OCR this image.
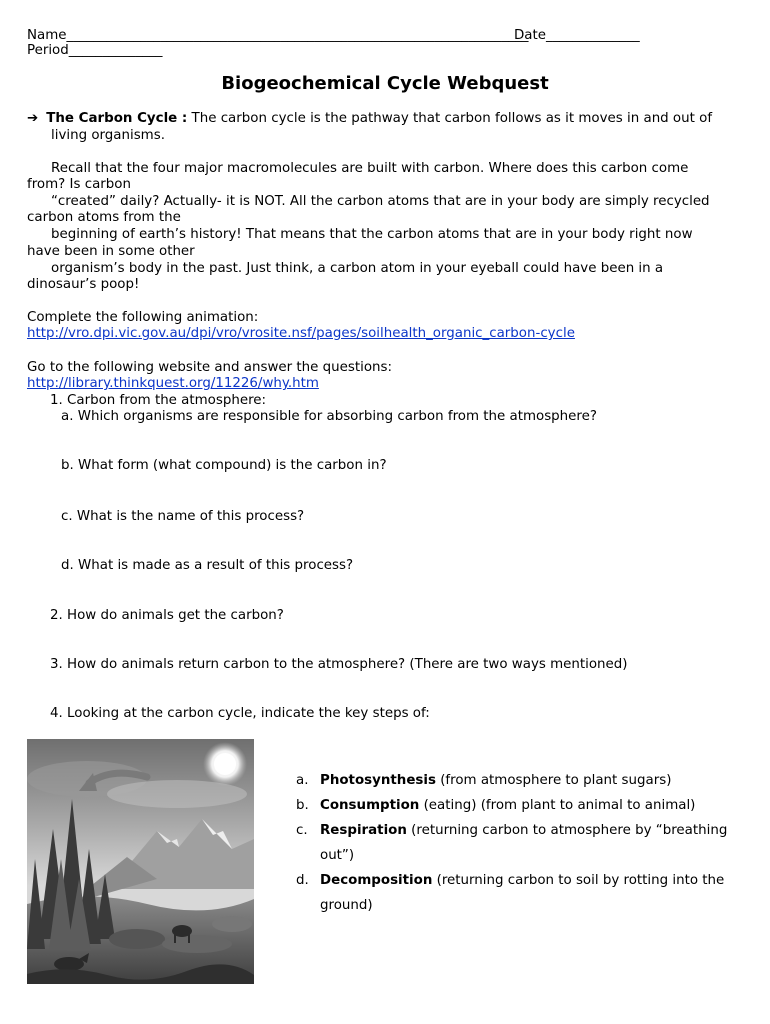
Name_____________________________________________________________________
Date______________
Period______________
Biogeochemical Cycle Webquest
➔ The Carbon Cycle : The carbon cycle is the pathway that carbon follows as it moves in and out of
living organisms.
Recall that the four major macromolecules are built with carbon. Where does this carbon come
from? Is carbon
“created” daily? Actually- it is NOT. All the carbon atoms that are in your body are simply recycled
carbon atoms from the
beginning of earth’s history! That means that the carbon atoms that are in your body right now
have been in some other
organism’s body in the past. Just think, a carbon atom in your eyeball could have been in a
dinosaur’s poop!
Complete the following animation:
http://vro.dpi.vic.gov.au/dpi/vro/vrosite.nsf/pages/soilhealth_organic_carbon-cycle
Go to the following website and answer the questions:
http://library.thinkquest.org/11226/why.htm
1. Carbon from the atmosphere:
a. Which organisms are responsible for absorbing carbon from the atmosphere?
b. What form (what compound) is the carbon in?
c. What is the name of this process?
d. What is made as a result of this process?
2. How do animals get the carbon?
3. How do animals return carbon to the atmosphere? (There are two ways mentioned)
4. Looking at the carbon cycle, indicate the key steps of:
a. Photosynthesis (from atmosphere to plant sugars)
b. Consumption (eating) (from plant to animal to animal)
c. Respiration (returning carbon to atmosphere by “breathing
out”)
d. Decomposition (returning carbon to soil by rotting into the
ground)
